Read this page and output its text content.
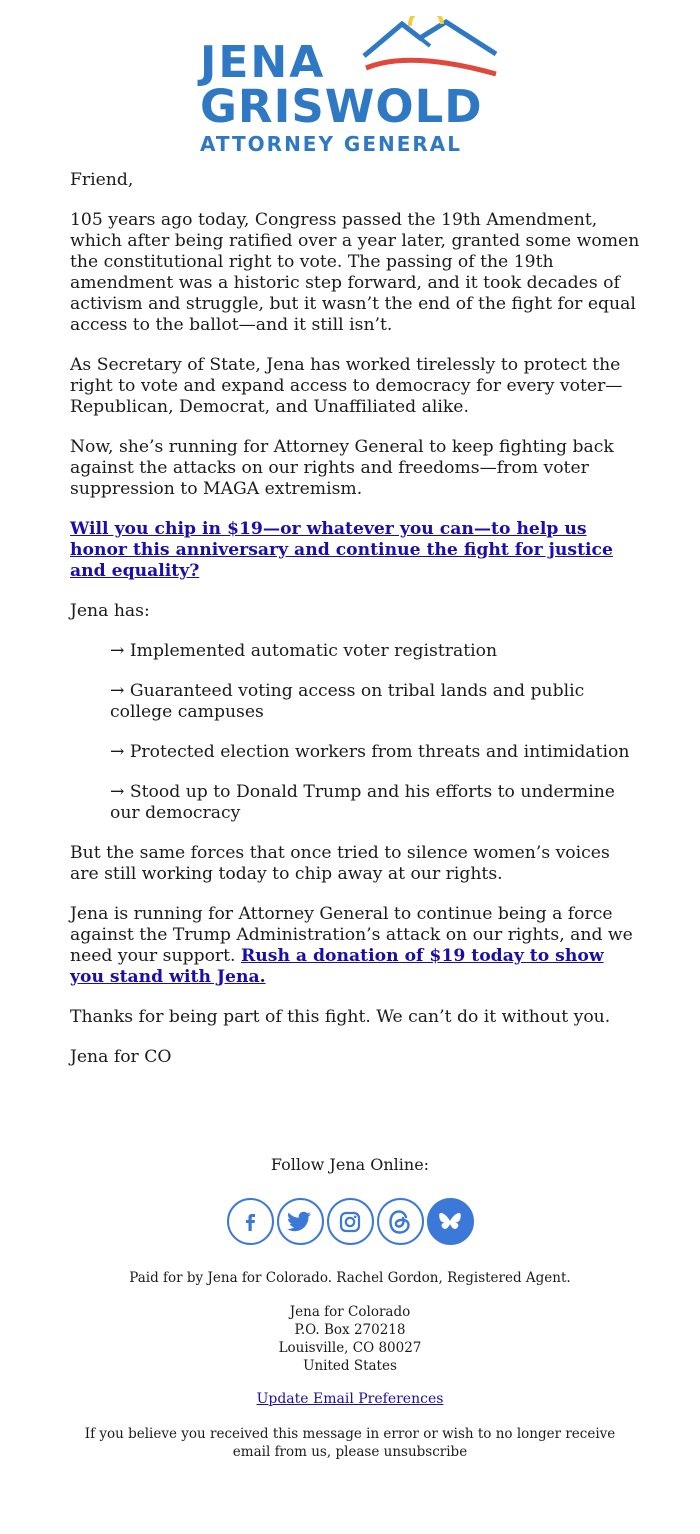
JENA
GRISWOLD
ATTORNEY GENERAL

Friend,

105 years ago today, Congress passed the 19th Amendment, which after being ratified over a year later, granted some women the constitutional right to vote. The passing of the 19th amendment was a historic step forward, and it took decades of activism and struggle, but it wasn’t the end of the fight for equal access to the ballot—and it still isn’t.

As Secretary of State, Jena has worked tirelessly to protect the right to vote and expand access to democracy for every voter—Republican, Democrat, and Unaffiliated alike.

Now, she’s running for Attorney General to keep fighting back against the attacks on our rights and freedoms—from voter suppression to MAGA extremism.

Will you chip in $19—or whatever you can—to help us honor this anniversary and continue the fight for justice and equality?

Jena has:

→ Implemented automatic voter registration
→ Guaranteed voting access on tribal lands and public college campuses
→ Protected election workers from threats and intimidation
→ Stood up to Donald Trump and his efforts to undermine our democracy

But the same forces that once tried to silence women’s voices are still working today to chip away at our rights.

Jena is running for Attorney General to continue being a force against the Trump Administration’s attack on our rights, and we need your support. Rush a donation of $19 today to show you stand with Jena.

Thanks for being part of this fight. We can’t do it without you.

Jena for CO

Follow Jena Online:
Paid for by Jena for Colorado. Rachel Gordon, Registered Agent.
Jena for Colorado
P.O. Box 270218
Louisville, CO 80027
United States
Update Email Preferences
If you believe you received this message in error or wish to no longer receive email from us, please unsubscribe
